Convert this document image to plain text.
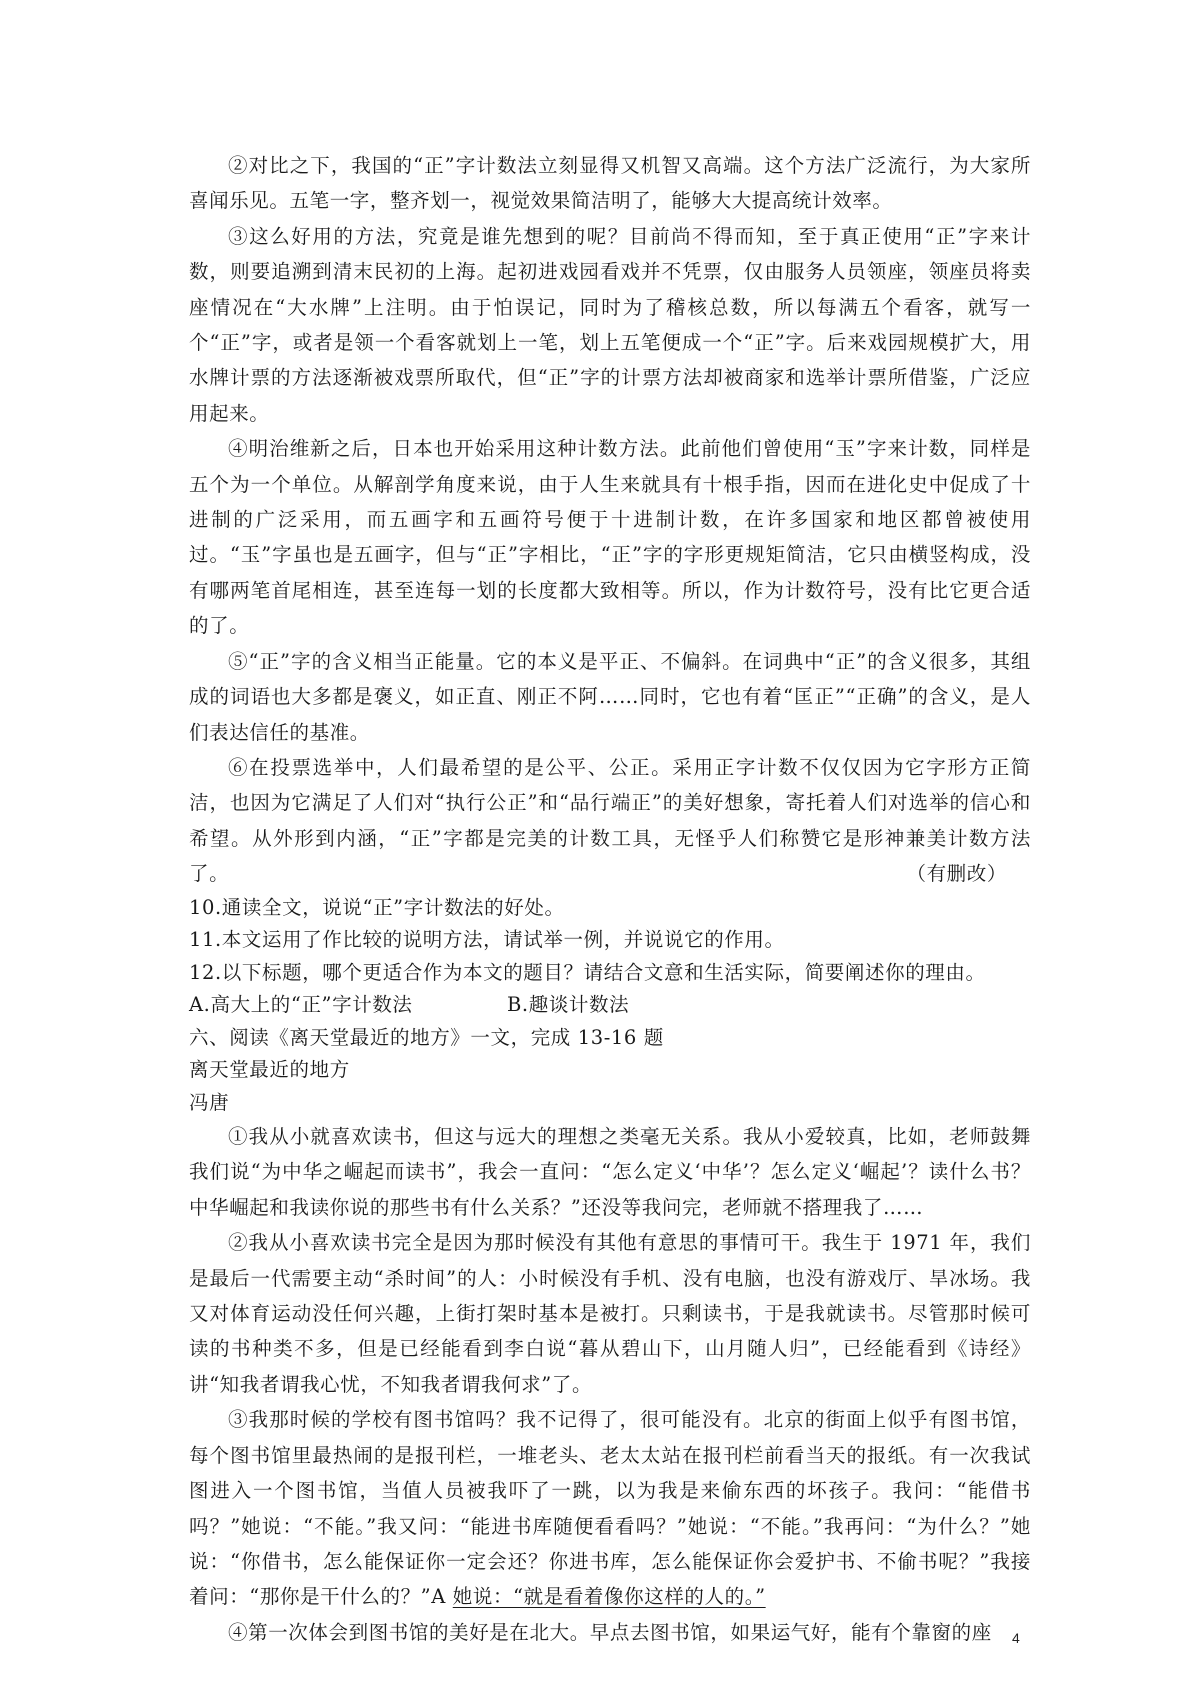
②对比之下，我国的“正”字计数法立刻显得又机智又高端。这个方法广泛流行，为大家所喜闻乐见。五笔一字，整齐划一，视觉效果简洁明了，能够大大提高统计效率。

③这么好用的方法，究竟是谁先想到的呢？目前尚不得而知，至于真正使用“正”字来计数，则要追溯到清末民初的上海。起初进戏园看戏并不凭票，仅由服务人员领座，领座员将卖座情况在“大水牌”上注明。由于怕误记，同时为了稽核总数，所以每满五个看客，就写一个“正”字，或者是领一个看客就划上一笔，划上五笔便成一个“正”字。后来戏园规模扩大，用水牌计票的方法逐渐被戏票所取代，但“正”字的计票方法却被商家和选举计票所借鉴，广泛应用起来。

④明治维新之后，日本也开始采用这种计数方法。此前他们曾使用“玉”字来计数，同样是五个为一个单位。从解剖学角度来说，由于人生来就具有十根手指，因而在进化史中促成了十进制的广泛采用，而五画字和五画符号便于十进制计数，在许多国家和地区都曾被使用过。“玉”字虽也是五画字，但与“正”字相比，“正”字的字形更规矩简洁，它只由横竖构成，没有哪两笔首尾相连，甚至连每一划的长度都大致相等。所以，作为计数符号，没有比它更合适的了。

⑤“正”字的含义相当正能量。它的本义是平正、不偏斜。在词典中“正”的含义很多，其组成的词语也大多都是褒义，如正直、刚正不阿……同时，它也有着“匡正”“正确”的含义，是人们表达信任的基准。

⑥在投票选举中，人们最希望的是公平、公正。采用正字计数不仅仅因为它字形方正简洁，也因为它满足了人们对“执行公正”和“品行端正”的美好想象，寄托着人们对选举的信心和希望。从外形到内涵，“正”字都是完美的计数工具，无怪乎人们称赞它是形神兼美计数方法了。	（有删改）

10.通读全文，说说“正”字计数法的好处。

11.本文运用了作比较的说明方法，请试举一例，并说说它的作用。

12.以下标题，哪个更适合作为本文的题目？请结合文意和生活实际，简要阐述你的理由。

A.高大上的“正”字计数法	B.趣谈计数法

六、阅读《离天堂最近的地方》一文，完成 13-16 题

离天堂最近的地方

冯唐

①我从小就喜欢读书，但这与远大的理想之类毫无关系。我从小爱较真，比如，老师鼓舞我们说“为中华之崛起而读书”，我会一直问：“怎么定义‘中华’？怎么定义‘崛起’？读什么书？中华崛起和我读你说的那些书有什么关系？”还没等我问完，老师就不搭理我了……

②我从小喜欢读书完全是因为那时候没有其他有意思的事情可干。我生于 1971 年，我们是最后一代需要主动“杀时间”的人：小时候没有手机、没有电脑，也没有游戏厅、旱冰场。我又对体育运动没任何兴趣，上街打架时基本是被打。只剩读书，于是我就读书。尽管那时候可读的书种类不多，但是已经能看到李白说“暮从碧山下，山月随人归”，已经能看到《诗经》讲“知我者谓我心忧，不知我者谓我何求”了。

③我那时候的学校有图书馆吗？我不记得了，很可能没有。北京的街面上似乎有图书馆，每个图书馆里最热闹的是报刊栏，一堆老头、老太太站在报刊栏前看当天的报纸。有一次我试图进入一个图书馆，当值人员被我吓了一跳，以为我是来偷东西的坏孩子。我问：“能借书吗？”她说：“不能。”我又问：“能进书库随便看看吗？”她说：“不能。”我再问：“为什么？”她说：“你借书，怎么能保证你一定会还？你进书库，怎么能保证你会爱护书、不偷书呢？”我接着问：“那你是干什么的？”A 她说：“就是看着像你这样的人的。”

④第一次体会到图书馆的美好是在北大。早点去图书馆，如果运气好，能有个靠窗的座	4
